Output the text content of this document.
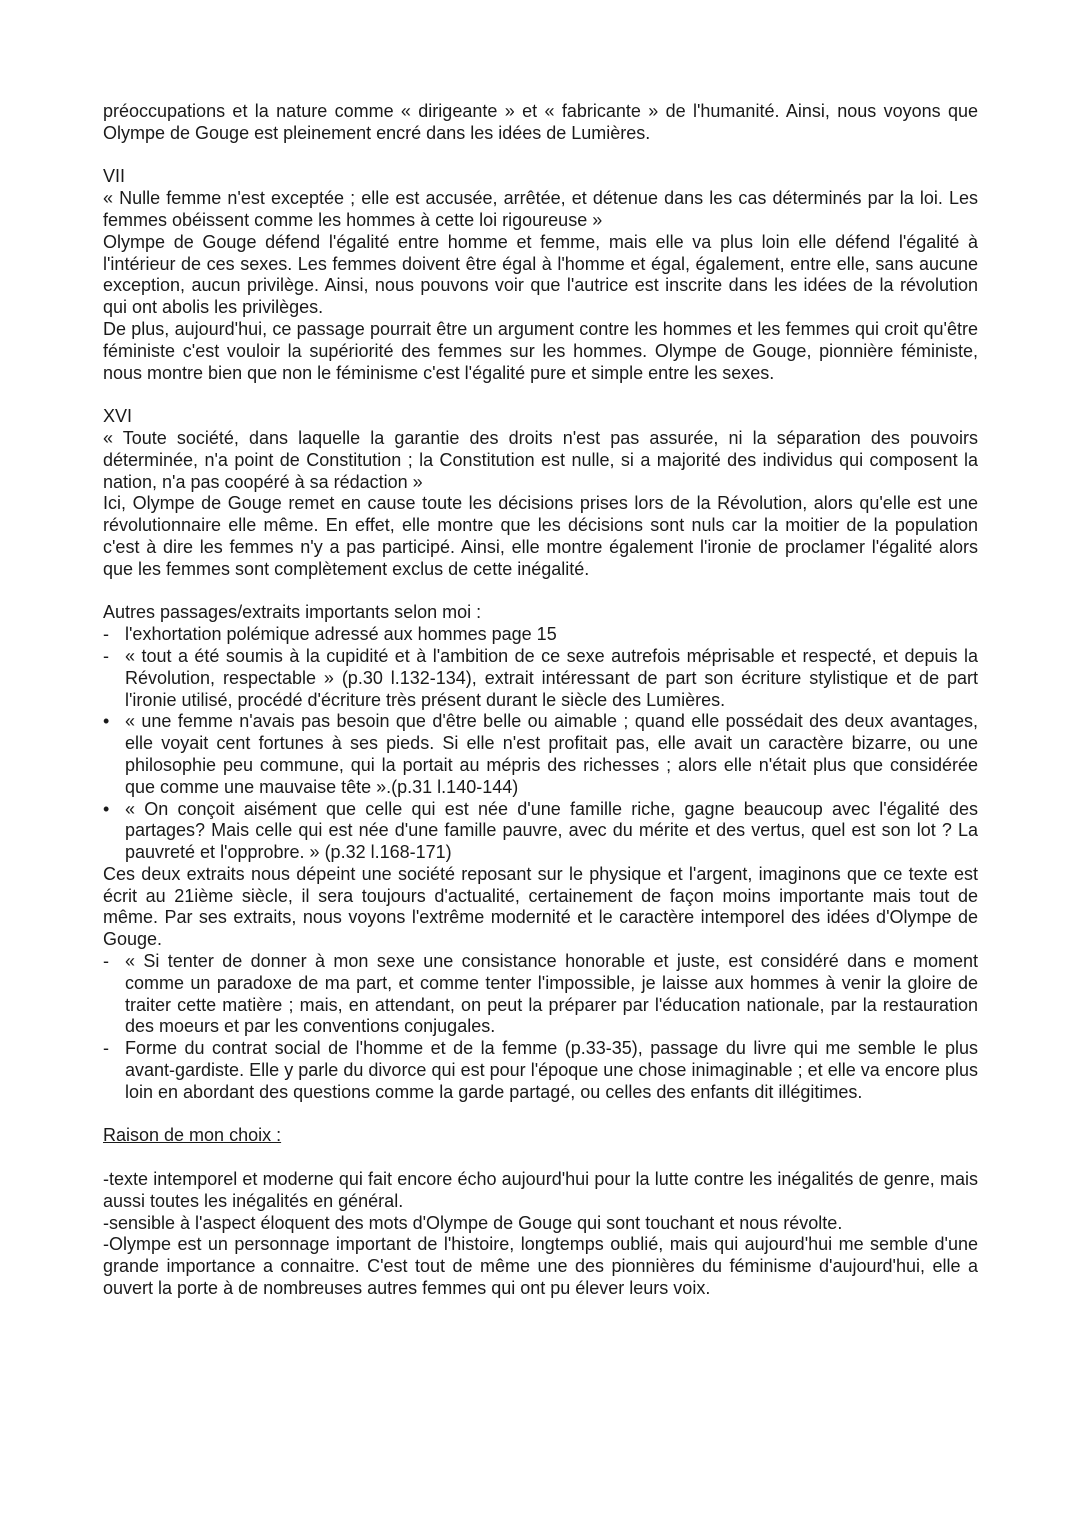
préoccupations et la nature comme « dirigeante » et « fabricante » de l'humanité. Ainsi, nous voyons que Olympe de Gouge est pleinement encré dans les idées de Lumières.

VII

« Nulle femme n'est exceptée ; elle est accusée, arrêtée, et détenue dans les cas déterminés par la loi. Les femmes obéissent comme les hommes à cette loi rigoureuse »

Olympe de Gouge défend l'égalité entre homme et femme, mais elle va plus loin elle défend l'égalité à l'intérieur de ces sexes. Les femmes doivent être égal à l'homme et égal, également, entre elle, sans aucune exception, aucun privilège. Ainsi, nous pouvons voir que l'autrice est inscrite dans les idées de la révolution qui ont abolis les privilèges.

De plus, aujourd'hui, ce passage pourrait être un argument contre les hommes et les femmes qui croit qu'être féministe c'est vouloir la supériorité des femmes sur les hommes. Olympe de Gouge, pionnière féministe, nous montre bien que non le féminisme c'est l'égalité pure et simple entre les sexes.

XVI

« Toute société, dans laquelle la garantie des droits n'est pas assurée, ni la séparation des pouvoirs déterminée, n'a point de Constitution ; la Constitution est nulle, si a majorité des individus qui composent la nation, n'a pas coopéré à sa rédaction »

Ici, Olympe de Gouge remet en cause toute les décisions prises lors de la Révolution, alors qu'elle est une révolutionnaire elle même. En effet, elle montre que les décisions sont nuls car la moitier de la population c'est à dire les femmes n'y a pas participé. Ainsi, elle montre également l'ironie de proclamer l'égalité alors que les femmes sont complètement exclus de cette inégalité.

Autres passages/extraits importants selon moi :

- l'exhortation polémique adressé aux hommes page 15
- « tout a été soumis à la cupidité et à l'ambition de ce sexe autrefois méprisable et respecté, et depuis la Révolution, respectable » (p.30 l.132-134), extrait intéressant de part son écriture stylistique et de part l'ironie utilisé, procédé d'écriture très présent durant le siècle des Lumières.
• « une femme n'avais pas besoin que d'être belle ou aimable ; quand elle possédait des deux avantages, elle voyait cent fortunes à ses pieds. Si elle n'est profitait pas, elle avait un caractère bizarre, ou une philosophie peu commune, qui la portait au mépris des richesses ; alors elle n'était plus que considérée que comme une mauvaise tête ».(p.31 l.140-144)
• « On conçoit aisément que celle qui est née d'une famille riche, gagne beaucoup avec l'égalité des partages? Mais celle qui est née d'une famille pauvre, avec du mérite et des vertus, quel est son lot ? La pauvreté et l'opprobre. » (p.32 l.168-171)

Ces deux extraits nous dépeint une société reposant sur le physique et l'argent, imaginons que ce texte est écrit au 21ième siècle, il sera toujours d'actualité, certainement de façon moins importante mais tout de même. Par ses extraits, nous voyons l'extrême modernité et le caractère intemporel des idées d'Olympe de Gouge.

- « Si tenter de donner à mon sexe une consistance honorable et juste, est considéré dans e moment comme un paradoxe de ma part, et comme tenter l'impossible, je laisse aux hommes à venir la gloire de traiter cette matière ; mais, en attendant, on peut la préparer par l'éducation nationale, par la restauration des moeurs et par les conventions conjugales.
- Forme du contrat social de l'homme et de la femme (p.33-35), passage du livre qui me semble le plus avant-gardiste. Elle y parle du divorce qui est pour l'époque une chose inimaginable ; et elle va encore plus loin en abordant des questions comme la garde partagé, ou celles des enfants dit illégitimes.

Raison de mon choix :

-texte intemporel et moderne qui fait encore écho aujourd'hui pour la lutte contre les inégalités de genre, mais aussi toutes les inégalités en général.

-sensible à l'aspect éloquent des mots d'Olympe de Gouge qui sont touchant et nous révolte.

-Olympe est un personnage important de l'histoire, longtemps oublié, mais qui aujourd'hui me semble d'une grande importance a connaitre. C'est tout de même une des pionnières du féminisme d'aujourd'hui, elle a ouvert la porte à de nombreuses autres femmes qui ont pu élever leurs voix.
